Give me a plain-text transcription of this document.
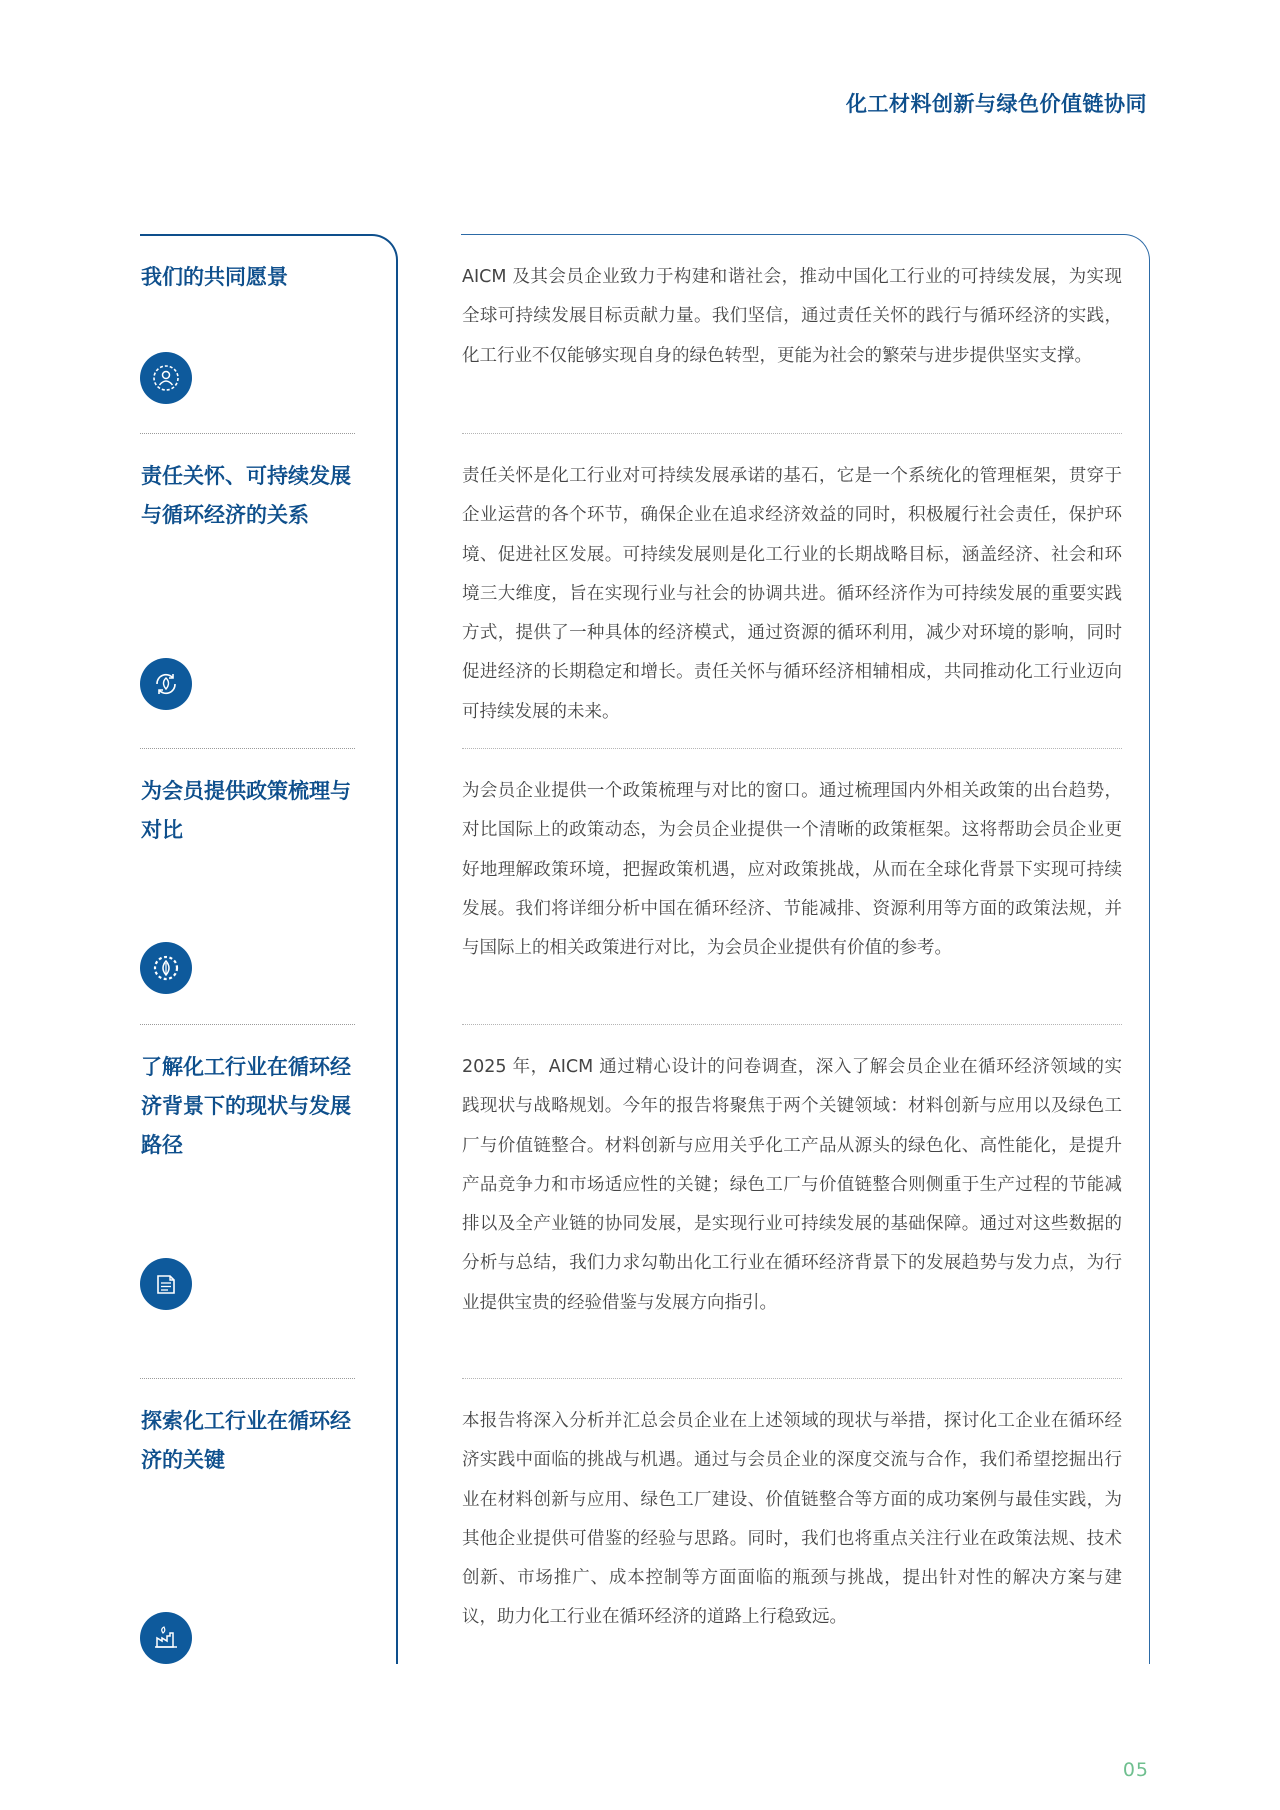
化工材料创新与绿色价值链协同
我们的共同愿景	AICM 及其会员企业致力于构建和谐社会，推动中国化工行业的可持续发展，为实现全球可持续发展目标贡献力量。我们坚信，通过责任关怀的践行与循环经济的实践，化工行业不仅能够实现自身的绿色转型，更能为社会的繁荣与进步提供坚实支撑。
责任关怀、可持续发展与循环经济的关系
责任关怀是化工行业对可持续发展承诺的基石，它是一个系统化的管理框架，贯穿于企业运营的各个环节，确保企业在追求经济效益的同时，积极履行社会责任，保护环境、促进社区发展。可持续发展则是化工行业的长期战略目标，涵盖经济、社会和环境三大维度，旨在实现行业与社会的协调共进。循环经济作为可持续发展的重要实践方式，提供了一种具体的经济模式，通过资源的循环利用，减少对环境的影响，同时促进经济的长期稳定和增长。责任关怀与循环经济相辅相成，共同推动化工行业迈向可持续发展的未来。
为会员提供政策梳理与对比
为会员企业提供一个政策梳理与对比的窗口。通过梳理国内外相关政策的出台趋势，对比国际上的政策动态，为会员企业提供一个清晰的政策框架。这将帮助会员企业更好地理解政策环境，把握政策机遇，应对政策挑战，从而在全球化背景下实现可持续发展。我们将详细分析中国在循环经济、节能减排、资源利用等方面的政策法规，并与国际上的相关政策进行对比，为会员企业提供有价值的参考。
了解化工行业在循环经济背景下的现状与发展路径
2025 年，AICM 通过精心设计的问卷调查，深入了解会员企业在循环经济领域的实践现状与战略规划。今年的报告将聚焦于两个关键领域：材料创新与应用以及绿色工厂与价值链整合。材料创新与应用关乎化工产品从源头的绿色化、高性能化，是提升产品竞争力和市场适应性的关键；绿色工厂与价值链整合则侧重于生产过程的节能减排以及全产业链的协同发展，是实现行业可持续发展的基础保障。通过对这些数据的分析与总结，我们力求勾勒出化工行业在循环经济背景下的发展趋势与发力点，为行业提供宝贵的经验借鉴与发展方向指引。
探索化工行业在循环经济的关键
本报告将深入分析并汇总会员企业在上述领域的现状与举措，探讨化工企业在循环经济实践中面临的挑战与机遇。通过与会员企业的深度交流与合作，我们希望挖掘出行业在材料创新与应用、绿色工厂建设、价值链整合等方面的成功案例与最佳实践，为其他企业提供可借鉴的经验与思路。同时，我们也将重点关注行业在政策法规、技术创新、市场推广、成本控制等方面面临的瓶颈与挑战，提出针对性的解决方案与建议，助力化工行业在循环经济的道路上行稳致远。
05
